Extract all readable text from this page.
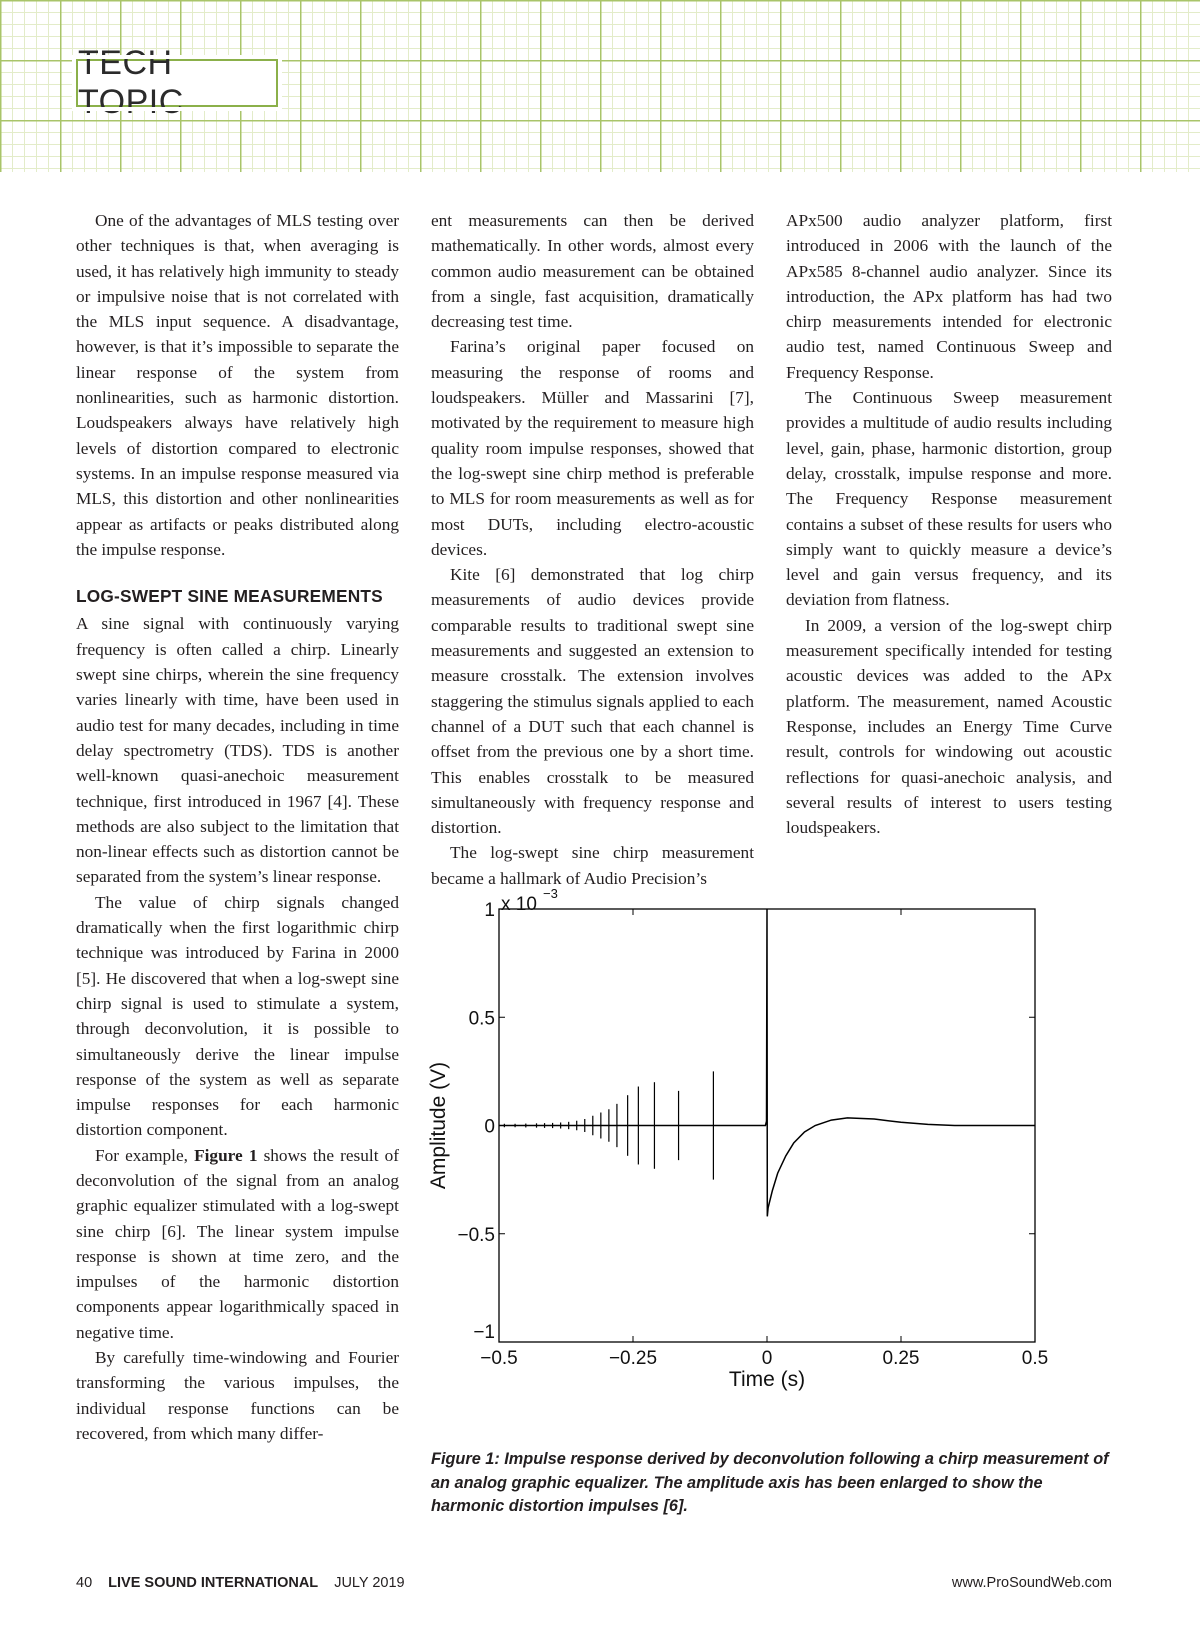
TECH TOPIC

One of the advantages of MLS testing over other techniques is that, when averaging is used, it has relatively high immunity to steady or impulsive noise that is not correlated with the MLS input sequence. A disadvantage, however, is that it’s impossible to separate the linear response of the system from nonlinearities, such as harmonic distortion. Loudspeakers always have relatively high levels of distortion compared to electronic systems. In an impulse response measured via MLS, this distortion and other nonlinearities appear as artifacts or peaks distributed along the impulse response.

LOG-SWEPT SINE MEASUREMENTS

A sine signal with continuously varying frequency is often called a chirp. Linearly swept sine chirps, wherein the sine frequency varies linearly with time, have been used in audio test for many decades, including in time delay spectrometry (TDS). TDS is another well-known quasi-anechoic measurement technique, first introduced in 1967 [4]. These methods are also subject to the limitation that non-linear effects such as distortion cannot be separated from the system’s linear response.

The value of chirp signals changed dramatically when the first logarithmic chirp technique was introduced by Farina in 2000 [5]. He discovered that when a log-swept sine chirp signal is used to stimulate a system, through deconvolution, it is possible to simultaneously derive the linear impulse response of the system as well as separate impulse responses for each harmonic distortion component.

For example, Figure 1 shows the result of deconvolution of the signal from an analog graphic equalizer stimulated with a log-swept sine chirp [6]. The linear system impulse response is shown at time zero, and the impulses of the harmonic distortion components appear logarithmically spaced in negative time.

By carefully time-windowing and Fourier transforming the various impulses, the individual response functions can be recovered, from which many differ-

ent measurements can then be derived mathematically. In other words, almost every common audio measurement can be obtained from a single, fast acquisition, dramatically decreasing test time.

Farina’s original paper focused on measuring the response of rooms and loudspeakers. Müller and Massarini [7], motivated by the requirement to measure high quality room impulse responses, showed that the log-swept sine chirp method is preferable to MLS for room measurements as well as for most DUTs, including electro-acoustic devices.

Kite [6] demonstrated that log chirp measurements of audio devices provide comparable results to traditional swept sine measurements and suggested an extension to measure crosstalk. The extension involves staggering the stimulus signals applied to each channel of a DUT such that each channel is offset from the previous one by a short time. This enables crosstalk to be measured simultaneously with frequency response and distortion.

The log-swept sine chirp measurement became a hallmark of Audio Precision’s

APx500 audio analyzer platform, first introduced in 2006 with the launch of the APx585 8-channel audio analyzer. Since its introduction, the APx platform has had two chirp measurements intended for electronic audio test, named Continuous Sweep and Frequency Response.

The Continuous Sweep measurement provides a multitude of audio results including level, gain, phase, harmonic distortion, group delay, crosstalk, impulse response and more. The Frequency Response measurement contains a subset of these results for users who simply want to quickly measure a device’s level and gain versus frequency, and its deviation from flatness.

In 2009, a version of the log-swept chirp measurement specifically intended for testing acoustic devices was added to the APx platform. The measurement, named Acoustic Response, includes an Energy Time Curve result, controls for windowing out acoustic reflections for quasi-anechoic analysis, and several results of interest to users testing loudspeakers.

−0.5	−0.25	0	0.25	0.5
−1
−0.5
0
0.5
1 x 10
−3
Time (s)
Amplitude (V)
Figure 1: Impulse response derived by deconvolution following a chirp measurement of an analog graphic equalizer. The amplitude axis has been enlarged to show the harmonic distortion impulses [6].
40 LIVE SOUND INTERNATIONAL JULY 2019	www.ProSoundWeb.com
